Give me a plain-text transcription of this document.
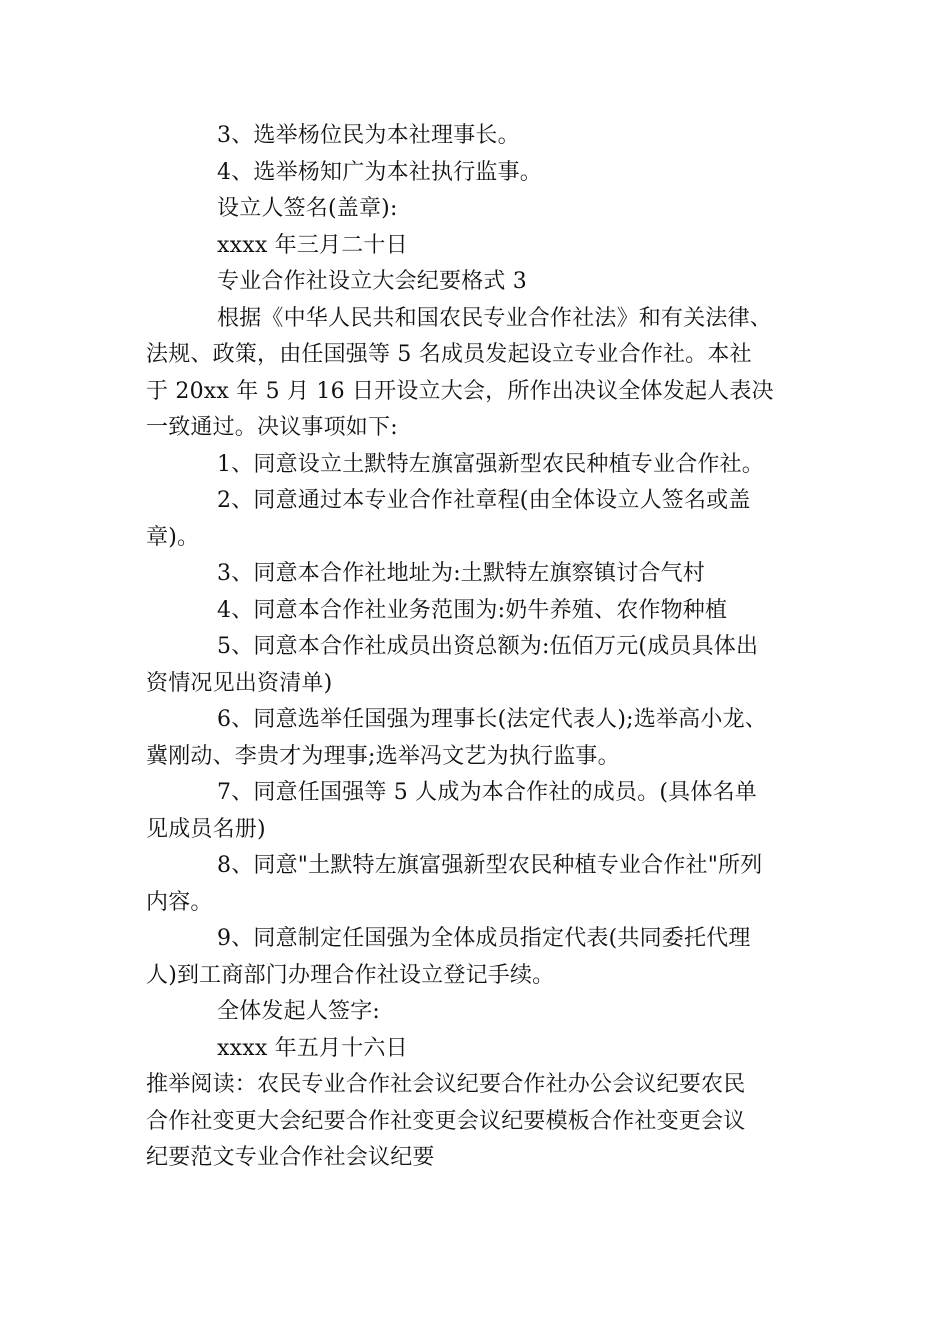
3、选举杨位民为本社理事长。
4、选举杨知广为本社执行监事。
设立人签名(盖章):
xxxx 年三月二十日
专业合作社设立大会纪要格式 3
根据《中华人民共和国农民专业合作社法》和有关法律、
法规、政策，由任国强等 5 名成员发起设立专业合作社。本社
于 20xx 年 5 月 16 日开设立大会，所作出决议全体发起人表决
一致通过。决议事项如下:
1、同意设立土默特左旗富强新型农民种植专业合作社。
2、同意通过本专业合作社章程(由全体设立人签名或盖
章)。
3、同意本合作社地址为:土默特左旗察镇讨合气村
4、同意本合作社业务范围为:奶牛养殖、农作物种植
5、同意本合作社成员出资总额为:伍佰万元(成员具体出
资情况见出资清单)
6、同意选举任国强为理事长(法定代表人);选举高小龙、
冀刚动、李贵才为理事;选举冯文艺为执行监事。
7、同意任国强等 5 人成为本合作社的成员。(具体名单
见成员名册)
8、同意"土默特左旗富强新型农民种植专业合作社"所列
内容。
9、同意制定任国强为全体成员指定代表(共同委托代理
人)到工商部门办理合作社设立登记手续。
全体发起人签字:
xxxx 年五月十六日
推举阅读：农民专业合作社会议纪要合作社办公会议纪要农民
合作社变更大会纪要合作社变更会议纪要模板合作社变更会议
纪要范文专业合作社会议纪要
